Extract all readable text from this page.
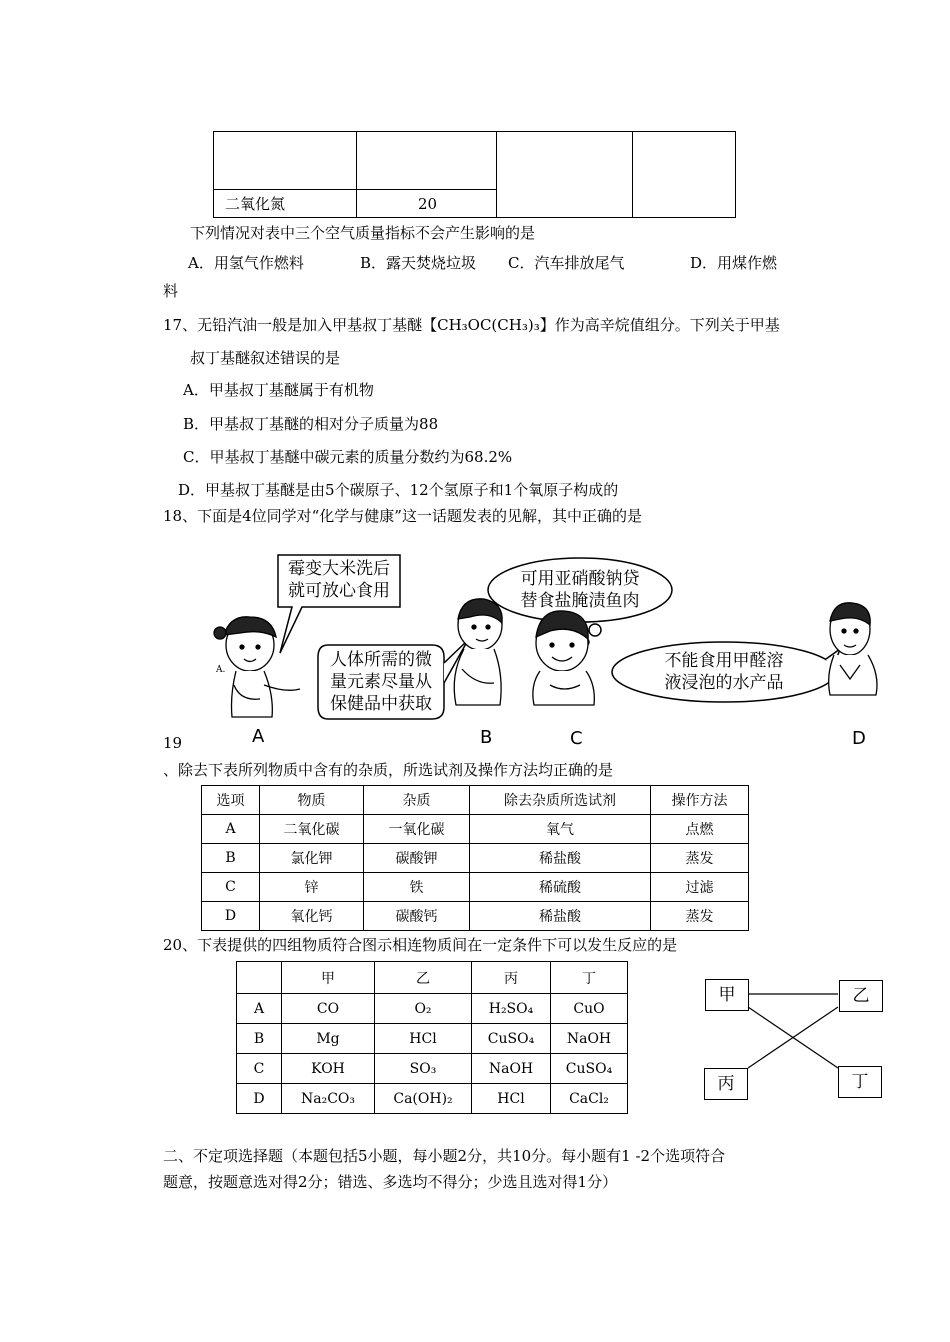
二氧化氮	20
下列情况对表中三个空气质量指标不会产生影响的是
A．用氢气作燃料	B．露天焚烧垃圾 C．汽车排放尾气	D．用煤作燃
料
17、无铅汽油一般是加入甲基叔丁基醚【CH₃OC(CH₃)₃】作为高辛烷值组分。下列关于甲基
叔丁基醚叙述错误的是
A．甲基叔丁基醚属于有机物
B．甲基叔丁基醚的相对分子质量为88
C．甲基叔丁基醚中碳元素的质量分数约为68.2%
D．甲基叔丁基醚是由5个碳原子、12个氢原子和1个氧原子构成的
18、下面是4位同学对“化学与健康”这一话题发表的见解，其中正确的是
霉变大米洗后
就可放心食用
人体所需的微
量元素尽量从
保健品中获取
可用亚硝酸钠贷
替食盐腌渍鱼肉
不能食用甲醛溶
液浸泡的水产品
A.
A	B	C	D
19
、除去下表所列物质中含有的杂质，所选试剂及操作方法均正确的是
选项	物质	杂质	除去杂质所选试剂	操作方法
A	二氧化碳	一氧化碳	氧气	点燃
B	氯化钾	碳酸钾	稀盐酸	蒸发
C	锌	铁	稀硫酸	过滤
D	氧化钙	碳酸钙	稀盐酸	蒸发
20、下表提供的四组物质符合图示相连物质间在一定条件下可以发生反应的是
	甲	乙	丙	丁
A	CO	O₂	H₂SO₄	CuO
B	Mg	HCl	CuSO₄	NaOH
C	KOH	SO₃	NaOH	CuSO₄
D	Na₂CO₃	Ca(OH)₂	HCl	CaCl₂
甲	乙
丙	丁
二、不定项选择题（本题包括5小题，每小题2分，共10分。每小题有1 -2个选项符合
题意，按题意选对得2分；错选、多选均不得分；少选且选对得1分）
